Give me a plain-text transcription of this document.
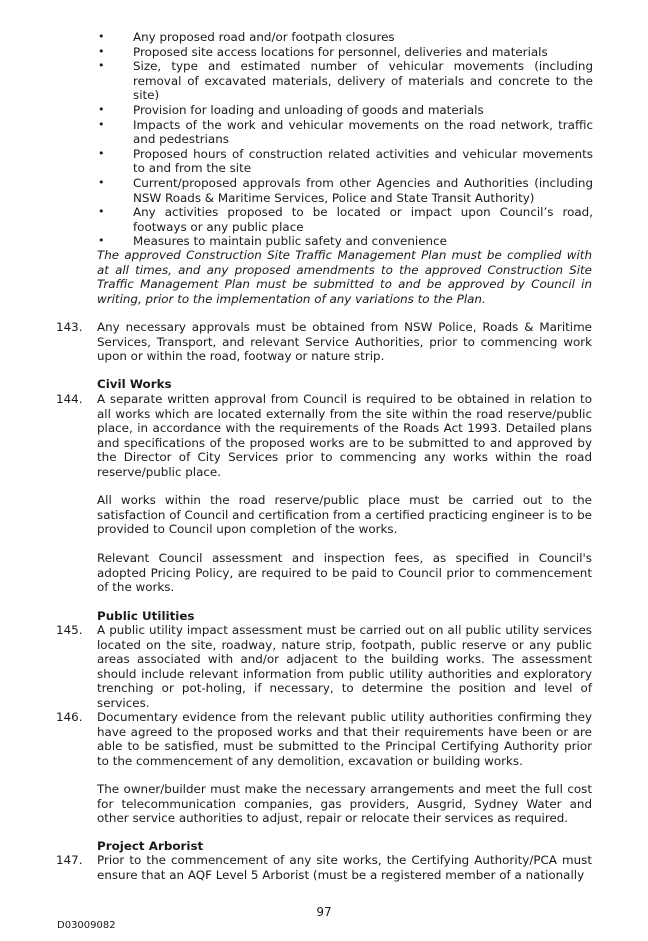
• Any proposed road and/or footpath closures
• Proposed site access locations for personnel, deliveries and materials
• Size, type and estimated number of vehicular movements (including removal of excavated materials, delivery of materials and concrete to the site)
• Provision for loading and unloading of goods and materials
• Impacts of the work and vehicular movements on the road network, traffic and pedestrians
• Proposed hours of construction related activities and vehicular movements to and from the site
• Current/proposed approvals from other Agencies and Authorities (including NSW Roads & Maritime Services, Police and State Transit Authority)
• Any activities proposed to be located or impact upon Council’s road, footways or any public place
• Measures to maintain public safety and convenience

The approved Construction Site Traffic Management Plan must be complied with at all times, and any proposed amendments to the approved Construction Site Traffic Management Plan must be submitted to and be approved by Council in writing, prior to the implementation of any variations to the Plan.

143. Any necessary approvals must be obtained from NSW Police, Roads & Maritime Services, Transport, and relevant Service Authorities, prior to commencing work upon or within the road, footway or nature strip.

Civil Works
144. A separate written approval from Council is required to be obtained in relation to all works which are located externally from the site within the road reserve/public place, in accordance with the requirements of the Roads Act 1993. Detailed plans and specifications of the proposed works are to be submitted to and approved by the Director of City Services prior to commencing any works within the road reserve/public place.

All works within the road reserve/public place must be carried out to the satisfaction of Council and certification from a certified practicing engineer is to be provided to Council upon completion of the works.

Relevant Council assessment and inspection fees, as specified in Council's adopted Pricing Policy, are required to be paid to Council prior to commencement of the works.

Public Utilities
145. A public utility impact assessment must be carried out on all public utility services located on the site, roadway, nature strip, footpath, public reserve or any public areas associated with and/or adjacent to the building works. The assessment should include relevant information from public utility authorities and exploratory trenching or pot-holing, if necessary, to determine the position and level of services.

146. Documentary evidence from the relevant public utility authorities confirming they have agreed to the proposed works and that their requirements have been or are able to be satisfied, must be submitted to the Principal Certifying Authority prior to the commencement of any demolition, excavation or building works.

The owner/builder must make the necessary arrangements and meet the full cost for telecommunication companies, gas providers, Ausgrid, Sydney Water and other service authorities to adjust, repair or relocate their services as required.

Project Arborist
147. Prior to the commencement of any site works, the Certifying Authority/PCA must ensure that an AQF Level 5 Arborist (must be a registered member of a nationally

97
D03009082
